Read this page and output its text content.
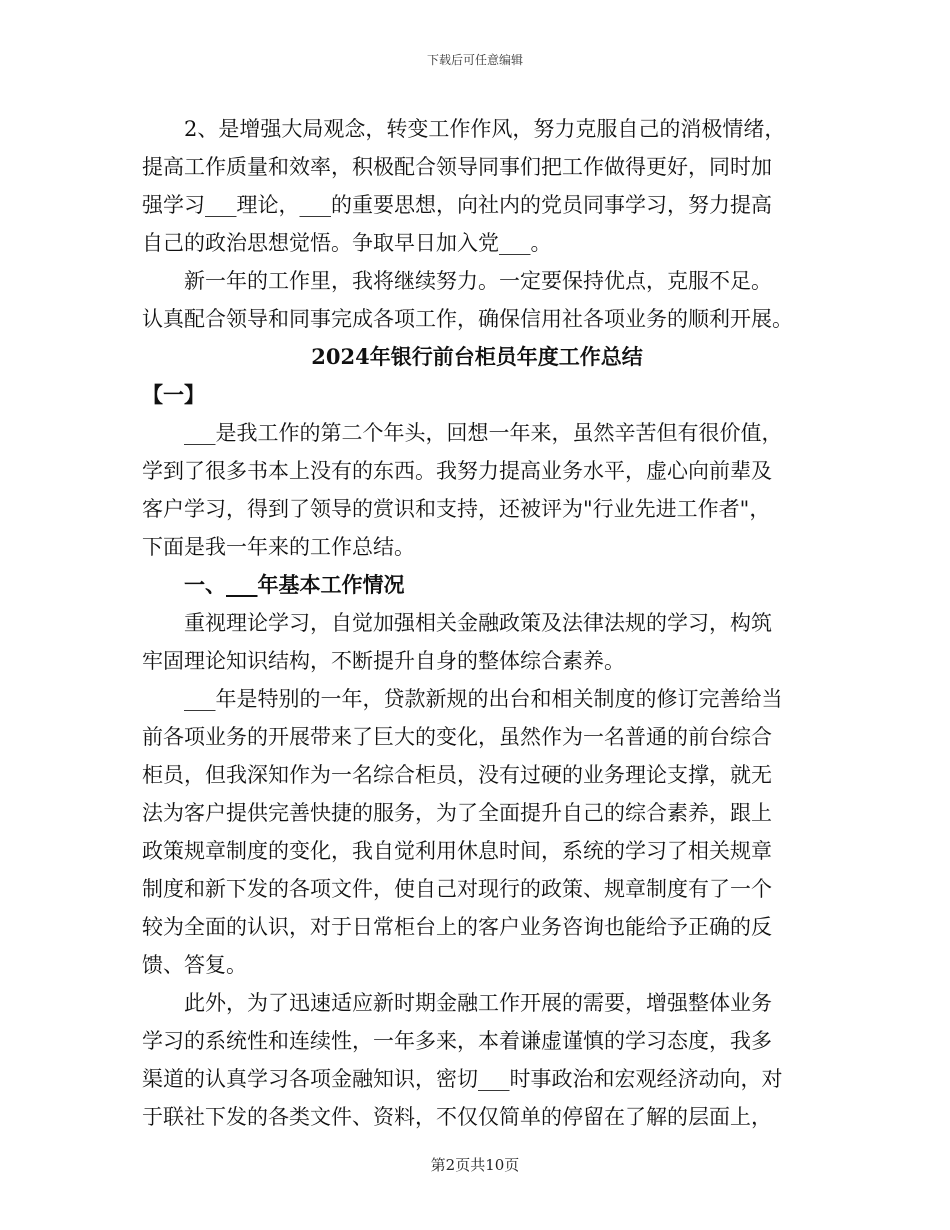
下载后可任意编辑
2、是增强大局观念，转变工作作风，努力克服自己的消极情绪，
提高工作质量和效率，积极配合领导同事们把工作做得更好，同时加
强学习___理论，___的重要思想，向社内的党员同事学习，努力提高
自己的政治思想觉悟。争取早日加入党___。
新一年的工作里，我将继续努力。一定要保持优点，克服不足。
认真配合领导和同事完成各项工作，确保信用社各项业务的顺利开展。
2024年银行前台柜员年度工作总结
【一】
___是我工作的第二个年头，回想一年来，虽然辛苦但有很价值，
学到了很多书本上没有的东西。我努力提高业务水平，虚心向前辈及
客户学习，得到了领导的赏识和支持，还被评为"行业先进工作者"，
下面是我一年来的工作总结。
一、___年基本工作情况
重视理论学习，自觉加强相关金融政策及法律法规的学习，构筑
牢固理论知识结构，不断提升自身的整体综合素养。
___年是特别的一年，贷款新规的出台和相关制度的修订完善给当
前各项业务的开展带来了巨大的变化，虽然作为一名普通的前台综合
柜员，但我深知作为一名综合柜员，没有过硬的业务理论支撑，就无
法为客户提供完善快捷的服务，为了全面提升自己的综合素养，跟上
政策规章制度的变化，我自觉利用休息时间，系统的学习了相关规章
制度和新下发的各项文件，使自己对现行的政策、规章制度有了一个
较为全面的认识，对于日常柜台上的客户业务咨询也能给予正确的反
馈、答复。
此外，为了迅速适应新时期金融工作开展的需要，增强整体业务
学习的系统性和连续性，一年多来，本着谦虚谨慎的学习态度，我多
渠道的认真学习各项金融知识，密切___时事政治和宏观经济动向，对
于联社下发的各类文件、资料，不仅仅简单的停留在了解的层面上，
第2页共10页
